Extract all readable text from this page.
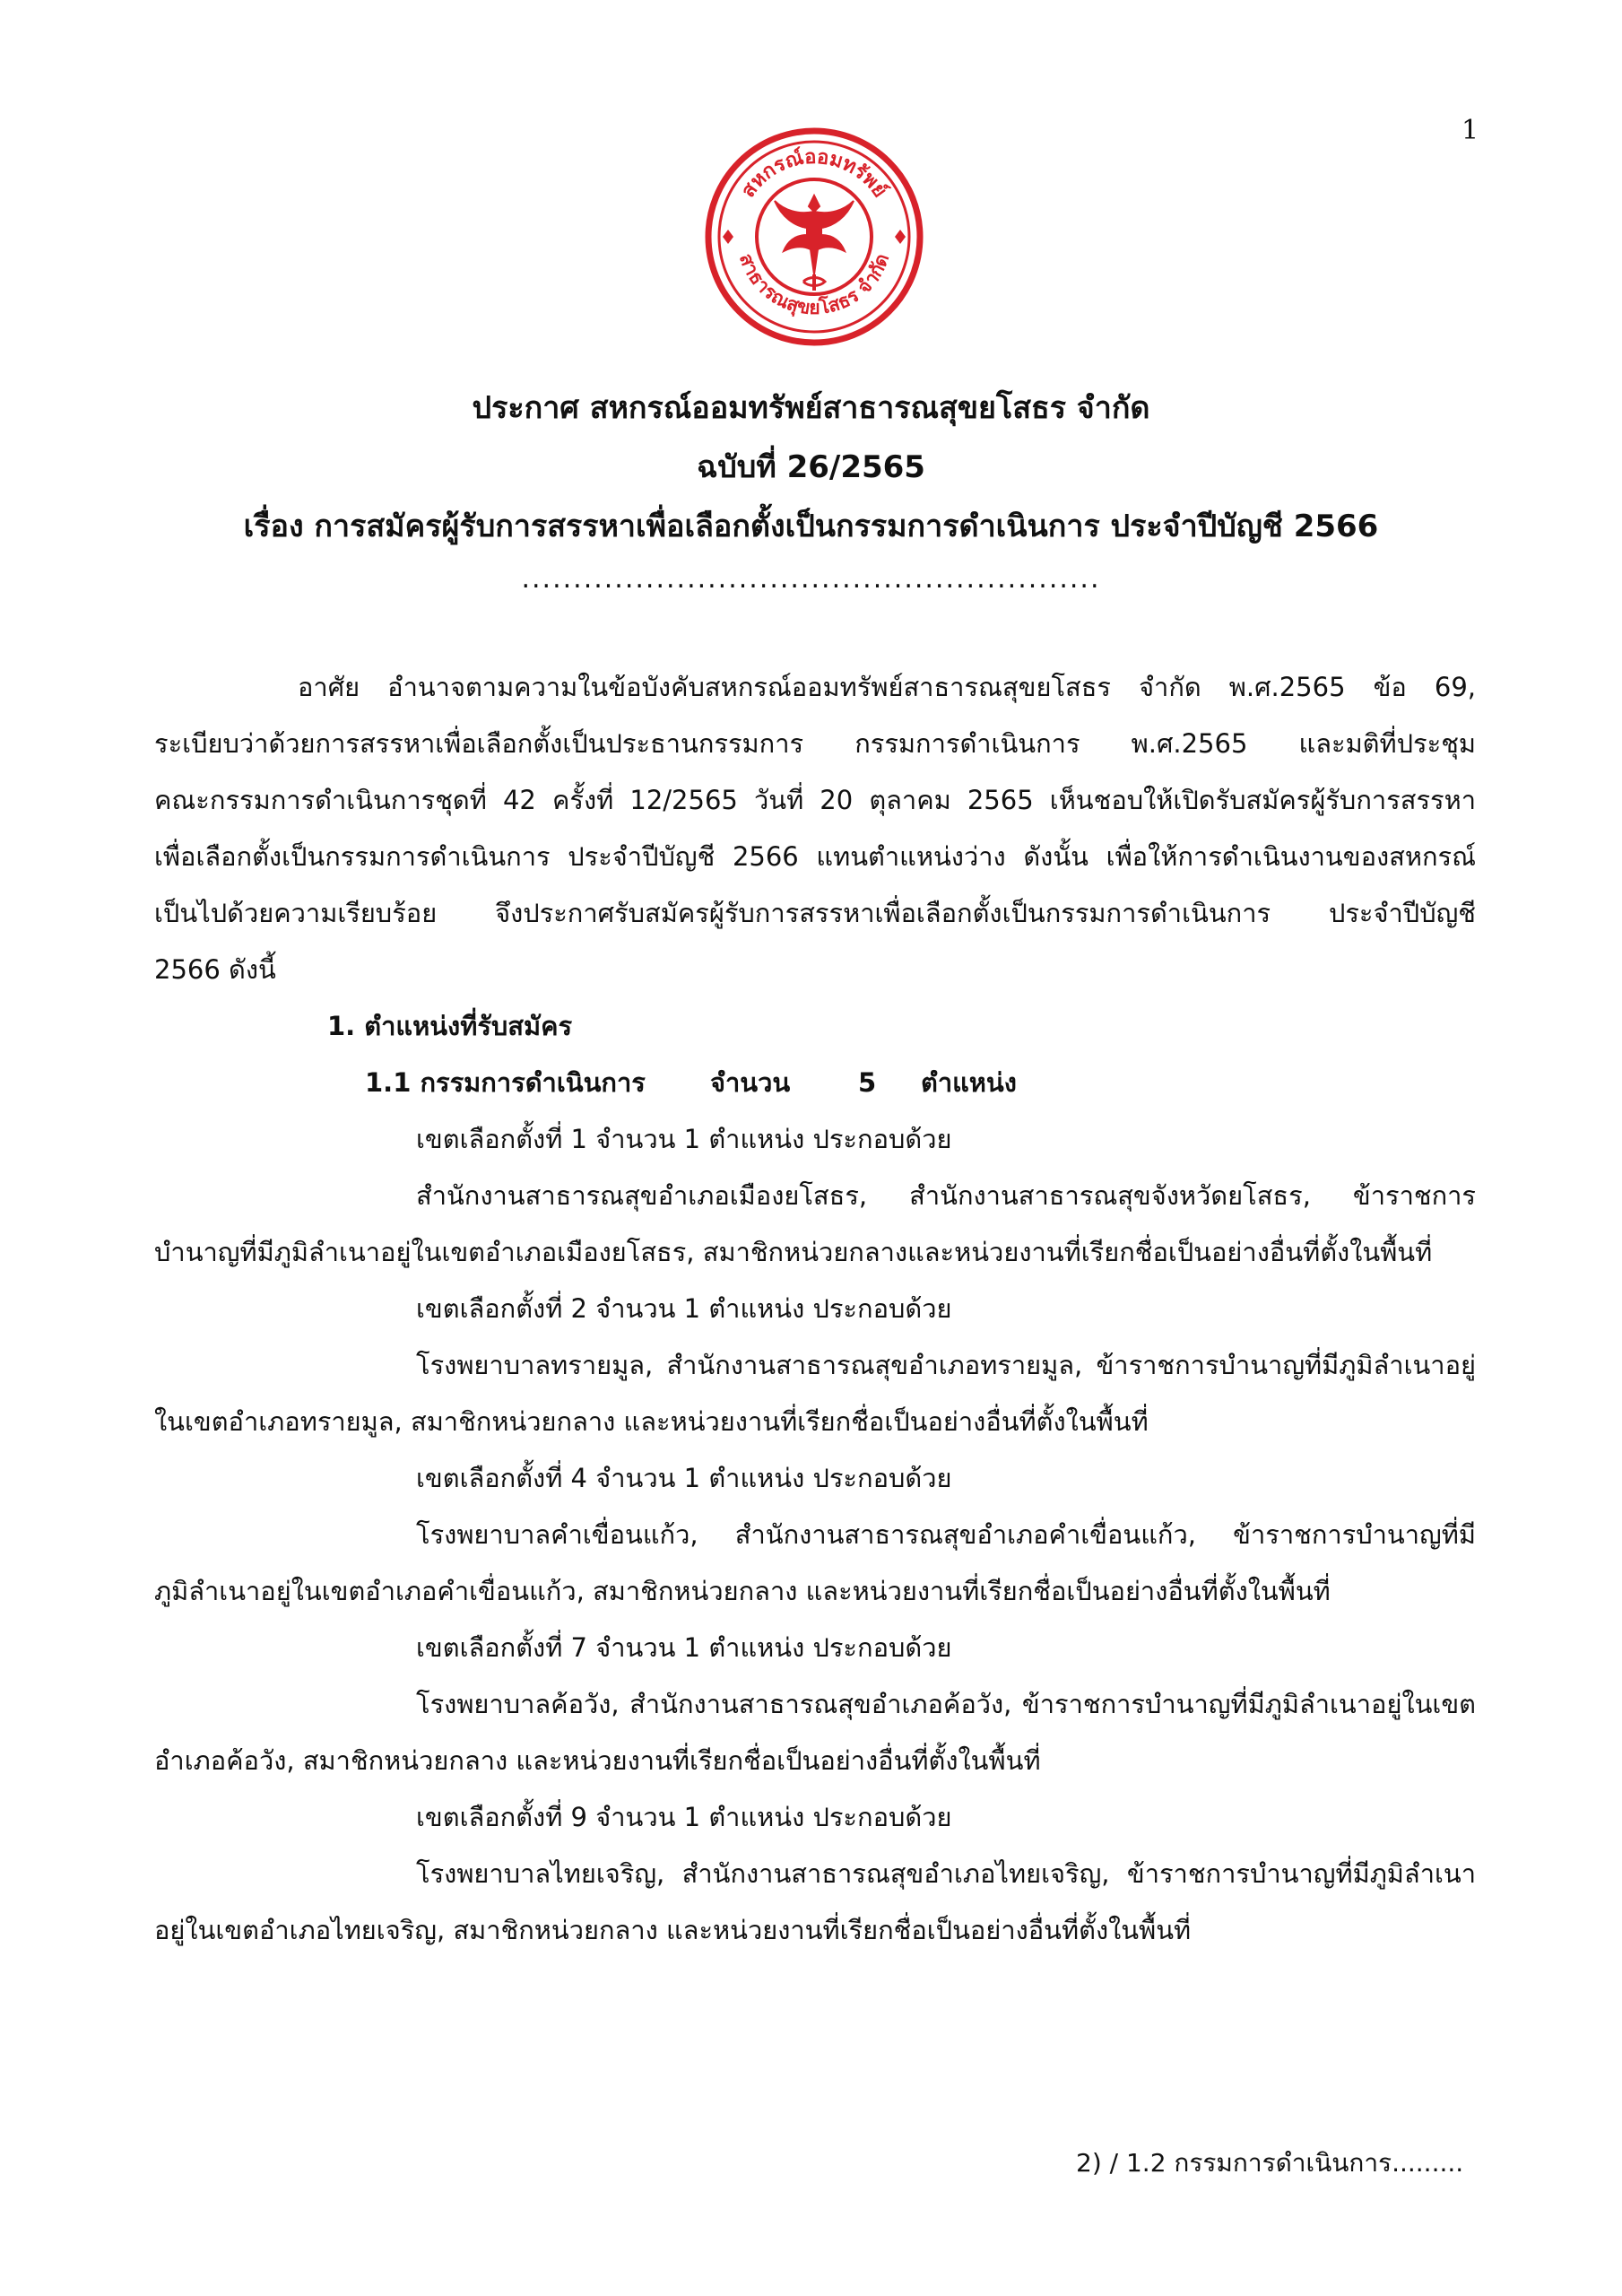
1
สหกรณ์ออมทรัพย์
สาธารณสุขยโสธร จำกัด
ประกาศ สหกรณ์ออมทรัพย์สาธารณสุขยโสธร จำกัด
ฉบับที่ 26/2565
เรื่อง การสมัครผู้รับการสรรหาเพื่อเลือกตั้งเป็นกรรมการดำเนินการ ประจำปีบัญชี 2566
........................................................
อาศัย อำนาจตามความในข้อบังคับสหกรณ์ออมทรัพย์สาธารณสุขยโสธร จำกัด พ.ศ.2565 ข้อ 69,
ระเบียบว่าด้วยการสรรหาเพื่อเลือกตั้งเป็นประธานกรรมการ กรรมการดำเนินการ พ.ศ.2565 และมติที่ประชุม
คณะกรรมการดำเนินการชุดที่ 42 ครั้งที่ 12/2565 วันที่ 20 ตุลาคม 2565 เห็นชอบให้เปิดรับสมัครผู้รับการสรรหา
เพื่อเลือกตั้งเป็นกรรมการดำเนินการ ประจำปีบัญชี 2566 แทนตำแหน่งว่าง ดังนั้น เพื่อให้การดำเนินงานของสหกรณ์
เป็นไปด้วยความเรียบร้อย จึงประกาศรับสมัครผู้รับการสรรหาเพื่อเลือกตั้งเป็นกรรมการดำเนินการ ประจำปีบัญชี
2566 ดังนี้
1. ตำแหน่งที่รับสมัคร
1.1 กรรมการดำเนินการ	จำนวน	5	ตำแหน่ง
เขตเลือกตั้งที่ 1 จำนวน 1 ตำแหน่ง ประกอบด้วย
สำนักงานสาธารณสุขอำเภอเมืองยโสธร, สำนักงานสาธารณสุขจังหวัดยโสธร, ข้าราชการ
บำนาญที่มีภูมิลำเนาอยู่ในเขตอำเภอเมืองยโสธร, สมาชิกหน่วยกลางและหน่วยงานที่เรียกชื่อเป็นอย่างอื่นที่ตั้งในพื้นที่
เขตเลือกตั้งที่ 2 จำนวน 1 ตำแหน่ง ประกอบด้วย
โรงพยาบาลทรายมูล, สำนักงานสาธารณสุขอำเภอทรายมูล, ข้าราชการบำนาญที่มีภูมิลำเนาอยู่
ในเขตอำเภอทรายมูล, สมาชิกหน่วยกลาง และหน่วยงานที่เรียกชื่อเป็นอย่างอื่นที่ตั้งในพื้นที่
เขตเลือกตั้งที่ 4 จำนวน 1 ตำแหน่ง ประกอบด้วย
โรงพยาบาลคำเขื่อนแก้ว, สำนักงานสาธารณสุขอำเภอคำเขื่อนแก้ว, ข้าราชการบำนาญที่มี
ภูมิลำเนาอยู่ในเขตอำเภอคำเขื่อนแก้ว, สมาชิกหน่วยกลาง และหน่วยงานที่เรียกชื่อเป็นอย่างอื่นที่ตั้งในพื้นที่
เขตเลือกตั้งที่ 7 จำนวน 1 ตำแหน่ง ประกอบด้วย
โรงพยาบาลค้อวัง, สำนักงานสาธารณสุขอำเภอค้อวัง, ข้าราชการบำนาญที่มีภูมิลำเนาอยู่ในเขต
อำเภอค้อวัง, สมาชิกหน่วยกลาง และหน่วยงานที่เรียกชื่อเป็นอย่างอื่นที่ตั้งในพื้นที่
เขตเลือกตั้งที่ 9 จำนวน 1 ตำแหน่ง ประกอบด้วย
โรงพยาบาลไทยเจริญ, สำนักงานสาธารณสุขอำเภอไทยเจริญ, ข้าราชการบำนาญที่มีภูมิลำเนา
อยู่ในเขตอำเภอไทยเจริญ, สมาชิกหน่วยกลาง และหน่วยงานที่เรียกชื่อเป็นอย่างอื่นที่ตั้งในพื้นที่
2) / 1.2 กรรมการดำเนินการ.........
